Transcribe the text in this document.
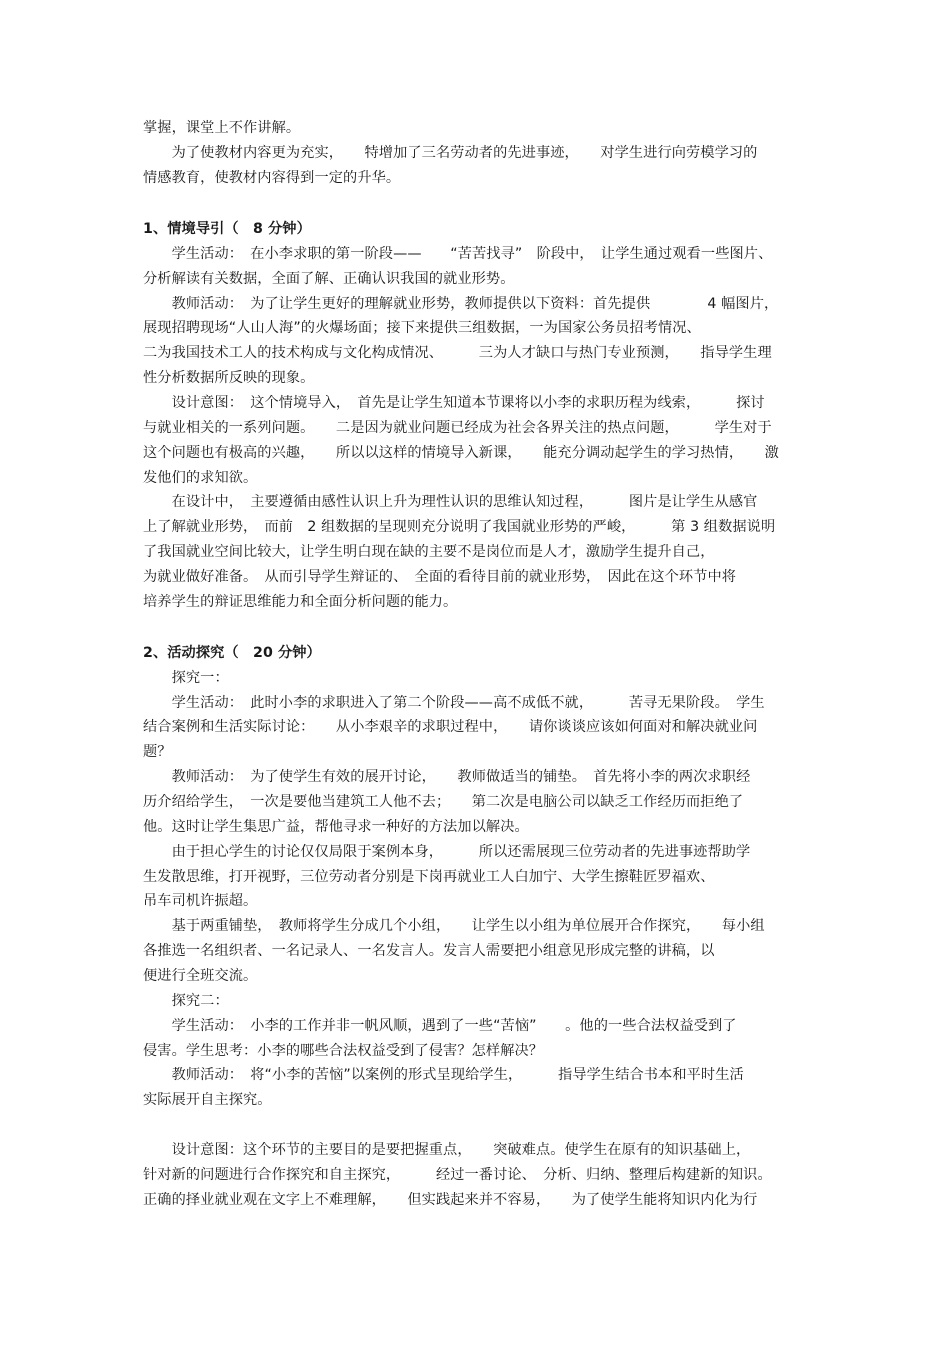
掌握，课堂上不作讲解。

　　为了使教材内容更为充实，　　特增加了三名劳动者的先进事迹，　　对学生进行向劳模学习的

情感教育，使教材内容得到一定的升华。

1、情境导引（　8 分钟）

　　学生活动：　在小李求职的第一阶段——　　“苦苦找寻”　阶段中，　让学生通过观看一些图片、

分析解读有关数据，全面了解、正确认识我国的就业形势。

　　教师活动：　为了让学生更好的理解就业形势，教师提供以下资料：首先提供　　　　4 幅图片，

展现招聘现场“人山人海”的火爆场面；接下来提供三组数据，一为国家公务员招考情况、

二为我国技术工人的技术构成与文化构成情况、　　　三为人才缺口与热门专业预测，　　指导学生理

性分析数据所反映的现象。

　　设计意图：　这个情境导入，　首先是让学生知道本节课将以小李的求职历程为线索，　　　探讨

与就业相关的一系列问题。　　二是因为就业问题已经成为社会各界关注的热点问题，　　　学生对于

这个问题也有极高的兴趣，　　所以以这样的情境导入新课，　　能充分调动起学生的学习热情，　　激

发他们的求知欲。

　　在设计中，　主要遵循由感性认识上升为理性认识的思维认知过程，　　　图片是让学生从感官

上了解就业形势，　而前　2 组数据的呈现则充分说明了我国就业形势的严峻，　　　第 3 组数据说明

了我国就业空间比较大，让学生明白现在缺的主要不是岗位而是人才，激励学生提升自己，

为就业做好准备。　从而引导学生辩证的、　全面的看待目前的就业形势，　因此在这个环节中将

培养学生的辩证思维能力和全面分析问题的能力。

2、活动探究（　20 分钟）

　　探究一：

　　学生活动：　此时小李的求职进入了第二个阶段——高不成低不就，　　　苦寻无果阶段。　学生

结合案例和生活实际讨论：　　从小李艰辛的求职过程中，　　请你谈谈应该如何面对和解决就业问

题？

　　教师活动：　为了使学生有效的展开讨论，　　教师做适当的铺垫。　首先将小李的两次求职经

历介绍给学生，　一次是要他当建筑工人他不去；　　第二次是电脑公司以缺乏工作经历而拒绝了

他。这时让学生集思广益，帮他寻求一种好的方法加以解决。

　　由于担心学生的讨论仅仅局限于案例本身，　　　所以还需展现三位劳动者的先进事迹帮助学

生发散思维，打开视野，三位劳动者分别是下岗再就业工人白加宁、大学生擦鞋匠罗福欢、

吊车司机许振超。

　　基于两重铺垫，　教师将学生分成几个小组，　　让学生以小组为单位展开合作探究，　　每小组

各推选一名组织者、一名记录人、一名发言人。发言人需要把小组意见形成完整的讲稿，以

便进行全班交流。

　　探究二：

　　学生活动：　小李的工作并非一帆风顺，遇到了一些“苦恼”　　。他的一些合法权益受到了

侵害。学生思考：小李的哪些合法权益受到了侵害？怎样解决？

　　教师活动：　将“小李的苦恼”以案例的形式呈现给学生，　　　指导学生结合书本和平时生活

实际展开自主探究。

　　设计意图：这个环节的主要目的是要把握重点，　　突破难点。使学生在原有的知识基础上，

针对新的问题进行合作探究和自主探究，　　　经过一番讨论、　分析、归纳、整理后构建新的知识。

正确的择业就业观在文字上不难理解，　　但实践起来并不容易，　　为了使学生能将知识内化为行
